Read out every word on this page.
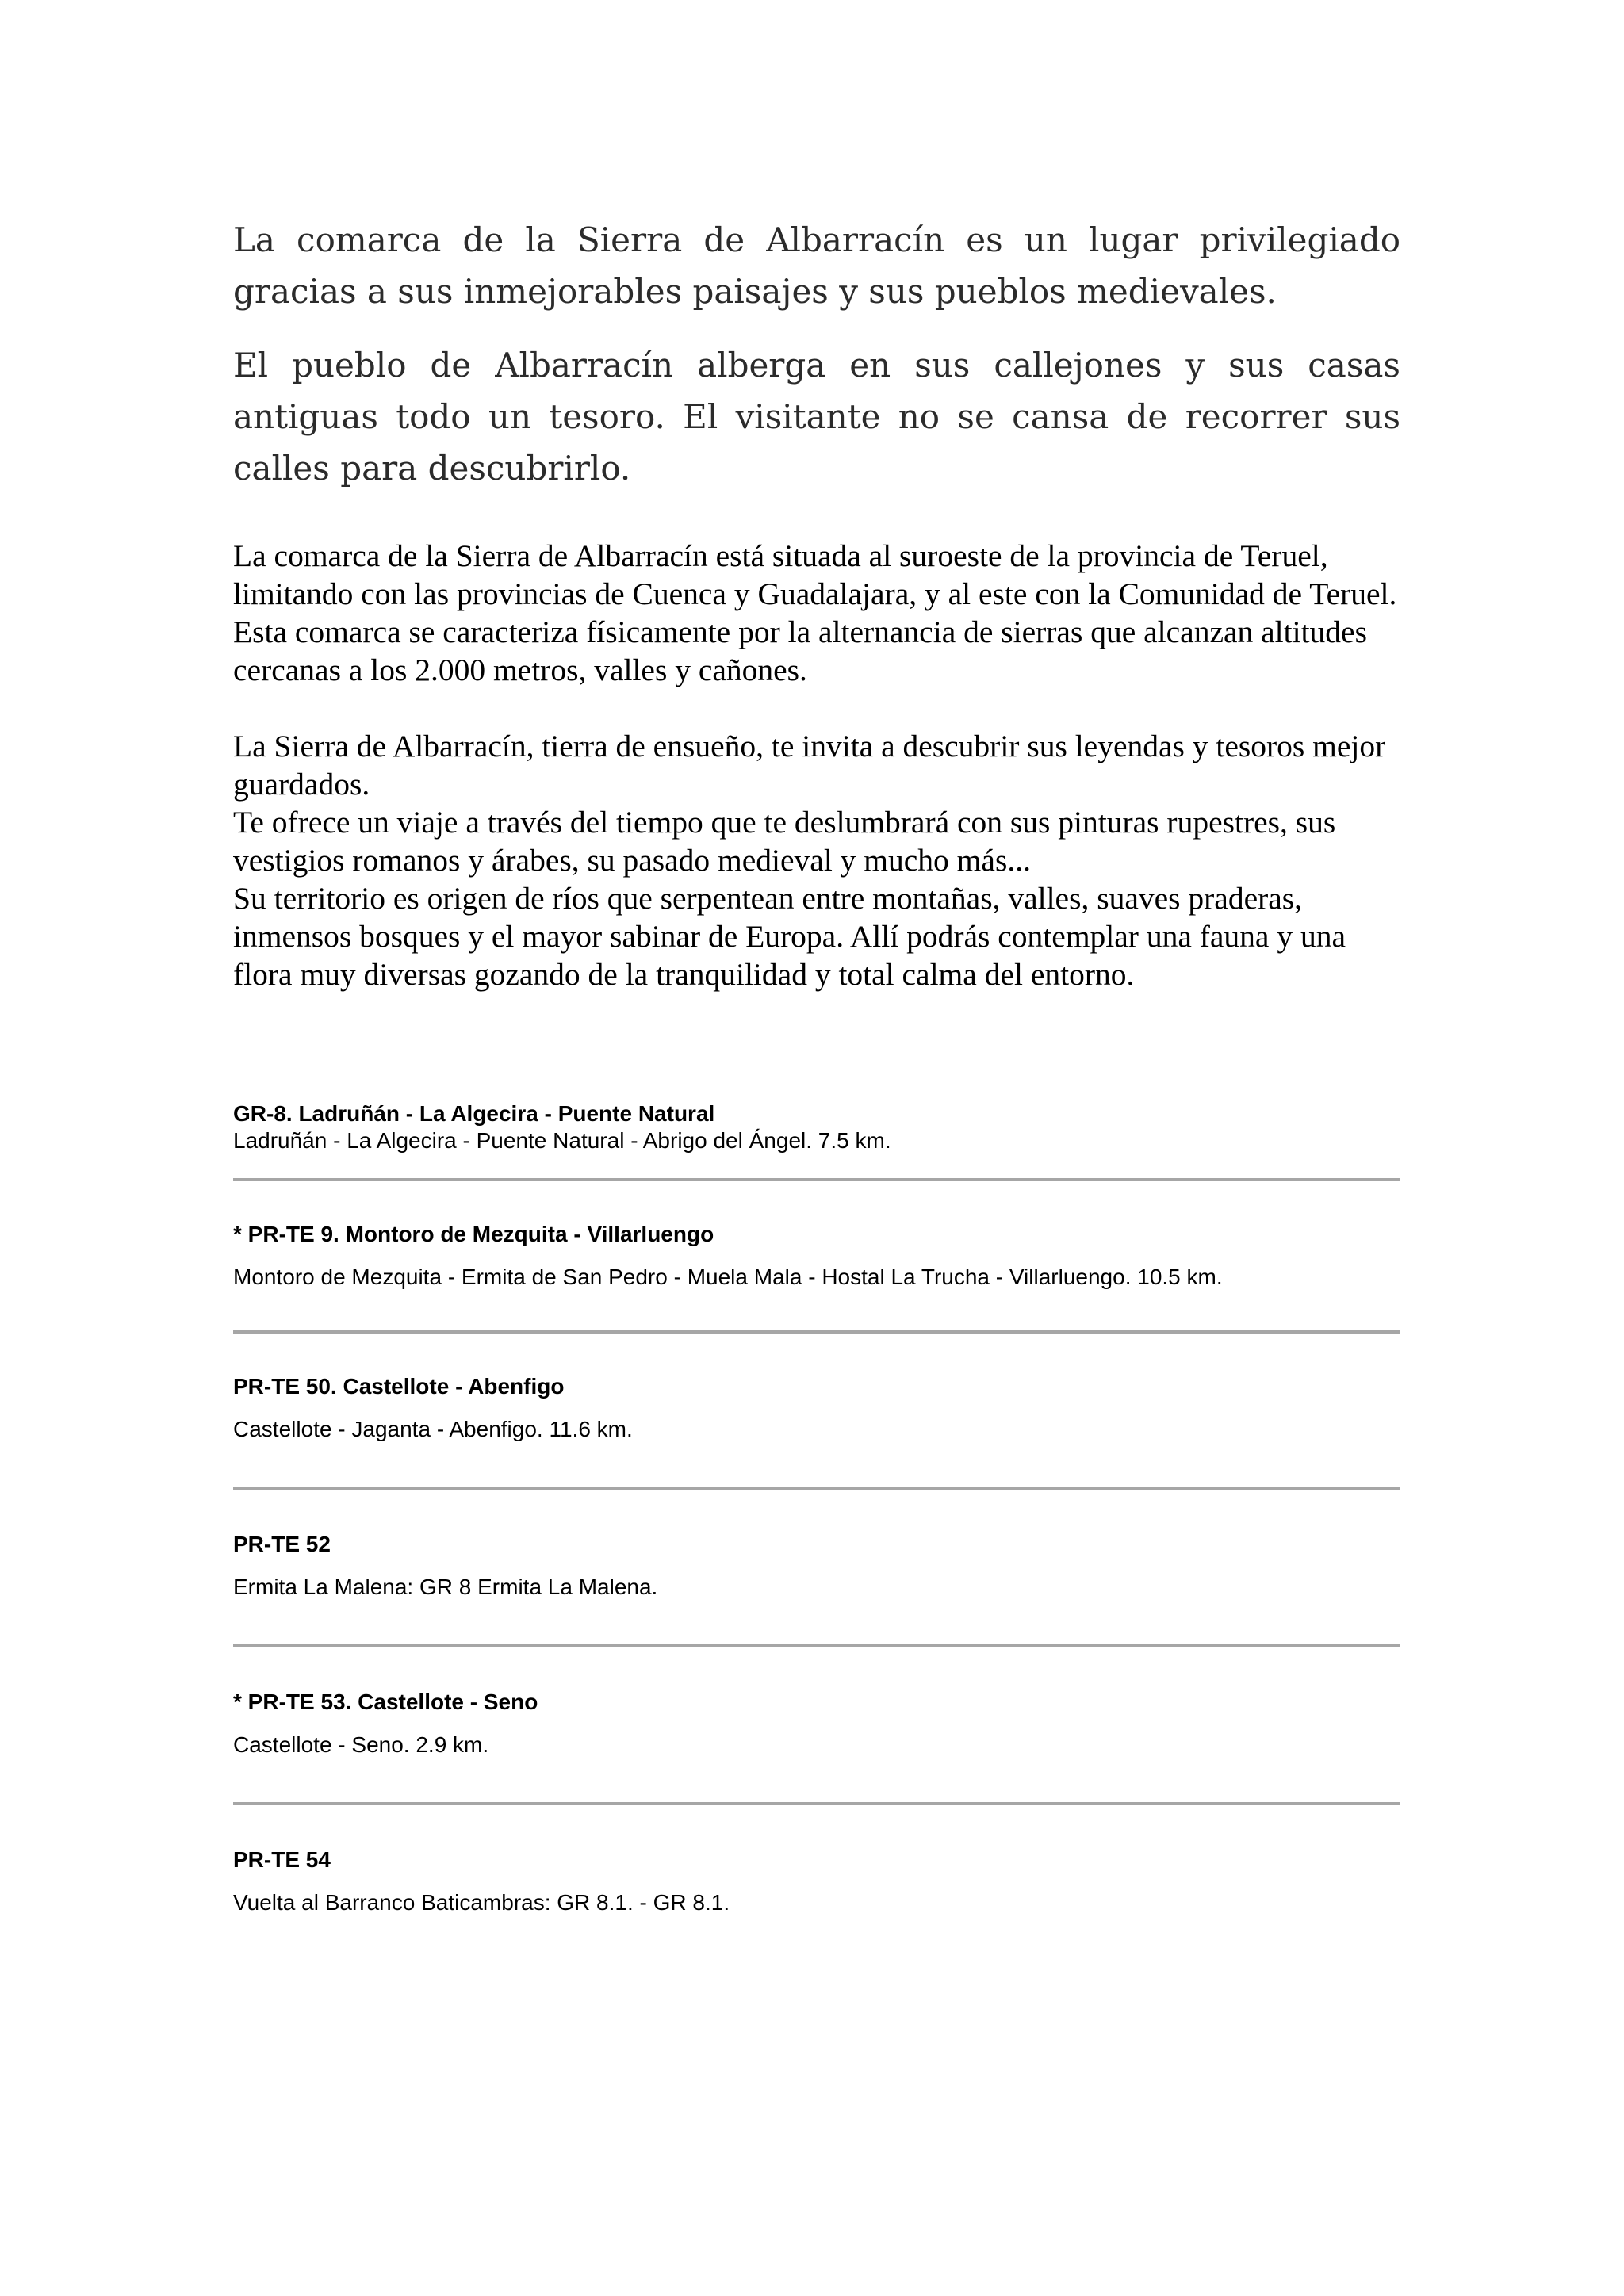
La comarca de la Sierra de Albarracín es un lugar privilegiado gracias a sus inmejorables paisajes y sus pueblos medievales.

El pueblo de Albarracín alberga en sus callejones y sus casas antiguas todo un tesoro. El visitante no se cansa de recorrer sus calles para descubrirlo.

La comarca de la Sierra de Albarracín está situada al suroeste de la provincia de Teruel, limitando con las provincias de Cuenca y Guadalajara, y al este con la Comunidad de Teruel.
Esta comarca se caracteriza físicamente por la alternancia de sierras que alcanzan altitudes cercanas a los 2.000 metros, valles y cañones.
La Sierra de Albarracín, tierra de ensueño, te invita a descubrir sus leyendas y tesoros mejor guardados.
Te ofrece un viaje a través del tiempo que te deslumbrará con sus pinturas rupestres, sus vestigios romanos y árabes, su pasado medieval y mucho más...
Su territorio es origen de ríos que serpentean entre montañas, valles, suaves praderas, inmensos bosques y el mayor sabinar de Europa. Allí podrás contemplar una fauna y una flora muy diversas gozando de la tranquilidad y total calma del entorno.

GR-8. Ladruñán - La Algecira - Puente Natural

Ladruñán - La Algecira - Puente Natural - Abrigo del Ángel. 7.5 km.

* PR-TE 9. Montoro de Mezquita - Villarluengo

Montoro de Mezquita - Ermita de San Pedro - Muela Mala - Hostal La Trucha - Villarluengo. 10.5 km.

PR-TE 50. Castellote - Abenfigo

Castellote - Jaganta - Abenfigo. 11.6 km.

PR-TE 52

Ermita La Malena: GR 8 Ermita La Malena.

* PR-TE 53. Castellote - Seno

Castellote - Seno. 2.9 km.

PR-TE 54

Vuelta al Barranco Baticambras: GR 8.1. - GR 8.1.
